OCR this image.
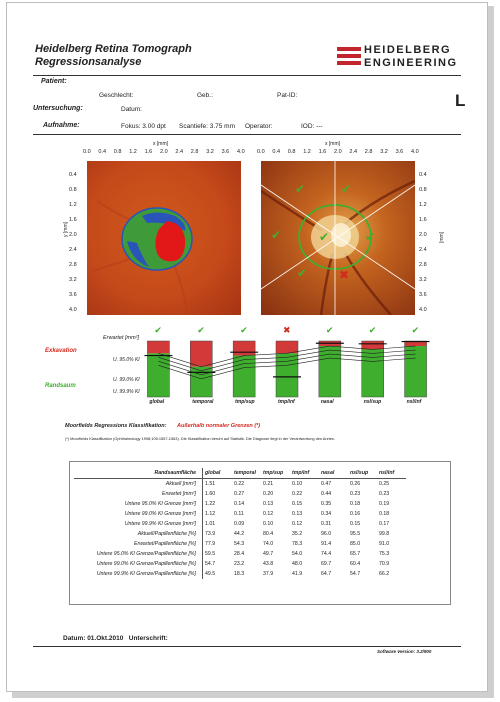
Heidelberg Retina Tomograph
Regressionsanalyse
HEIDELBERG
ENGINEERING
Patient:
Geschlecht:	Geb.:	Pat-ID:	L
Untersuchung:	Datum:
Aufnahme:	Fokus: 3.00 dpt Scantiefe: 3.75 mm Operator:	IOD: ---
x [mm]	x [mm]
0.0 0.4 0.8 1.2 1.6 2.0 2.4 2.8 3.2 3.6 4.0 0.0 0.4 0.8 1.2 1.6 2.0 2.4 2.8 3.2 3.6 4.0
y [mm]
0.4
0.8
1.2
1.6
2.0
2.4
2.8
3.2
3.6
4.0
0.4
0.8
1.2
1.6
2.0
2.4
2.8
3.2
3.6
4.0
[mm]
✔	✔
✔	✔
✔
✔	✖
Erwartet [mm²]
Exkavation
U. 95.0% KI
U. 99.0% KI
U. 99.9% KI
Randsaum
✔	✔	✔	✖	✔	✔	✔
global	temporal	tmp/sup	tmp/inf	nasal	nsl/sup	nsl/inf
Moorfields Regressions Klassifikation: Außerhalb normaler Grenzen (*)
(*) Moorfields Klassifikation (Ophthalmology 1998;105:1557-1563). Die Klassifikation beruht auf Statistik. Die Diagnose liegt in der Verantwortung des Arztes.
Randsaumfläche	global	temporal	tmp/sup	tmp/inf	nasal	nsl/sup	nsl/inf
Aktuell [mm²]	1.51	0.22	0.21	0.10	0.47	0.26	0.25
Erwartet [mm²]	1.60	0.27	0.20	0.22	0.44	0.23	0.23
Untere 95.0% KI Grenze [mm²]	1.22	0.14	0.13	0.15	0.35	0.18	0.19
Untere 99.0% KI Grenze [mm²]	1.12	0.11	0.12	0.13	0.34	0.16	0.18
Untere 99.9% KI Grenze [mm²]	1.01	0.09	0.10	0.12	0.31	0.15	0.17
Aktuell/Papillenfläche [%]	73.9	44.2	80.4	35.2	96.0	95.5	99.8
Erwartet/Papillenfläche [%]	77.9	54.3	74.0	78.3	91.4	85.0	91.0
Untere 95.0% KI Grenze/Papillenfläche [%]	59.5	28.4	49.7	54.0	74.4	65.7	75.3
Untere 99.0% KI Grenze/Papillenfläche [%]	54.7	23.2	43.8	48.0	69.7	60.4	70.9
Untere 99.9% KI Grenze/Papillenfläche [%]	49.5	18.3	37.9	41.9	64.7	54.7	66.2
Datum: 01.Okt.2010 Unterschrift:
Software Version: 3.2/900
